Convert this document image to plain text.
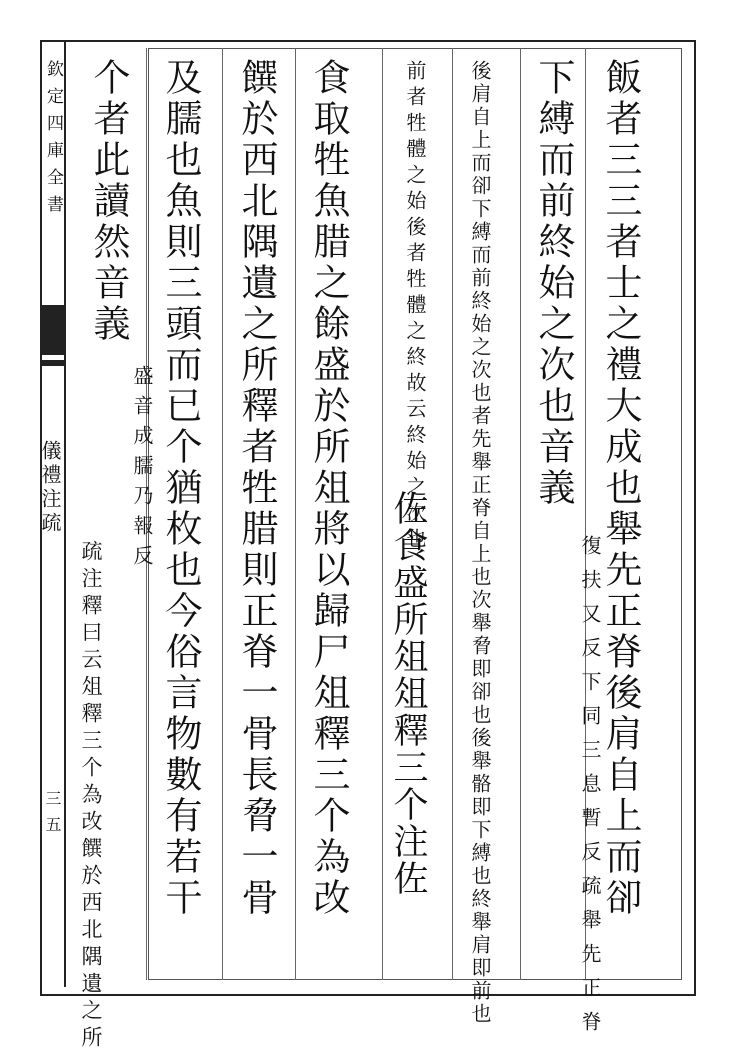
欽定四庫全書
儀禮注疏
三五	飯者三三者士之禮大成也舉先正脊後肩自上而卻
下縛而前終始之次也音義
復扶又反下同三息暫反疏舉先正脊
後肩自上而卻下縛而前終始之次也者先舉正脊自上也次舉脅即卻也後舉骼即下縛也終舉肩即前也
前者牲體之始後者牲體之終故云終始之次也
佐食盛所俎俎釋三个注佐
食取牲魚腊之餘盛於所俎將以歸尸俎釋三个為改
饌於西北隅遺之所釋者牲腊則正脊一骨長脅一骨
及臑也魚則三頭而已个猶枚也今俗言物數有若干
个者此讀然音義
盛音成臑乃報反
疏注釋曰云俎釋三个為改饌於西北隅遺之所
